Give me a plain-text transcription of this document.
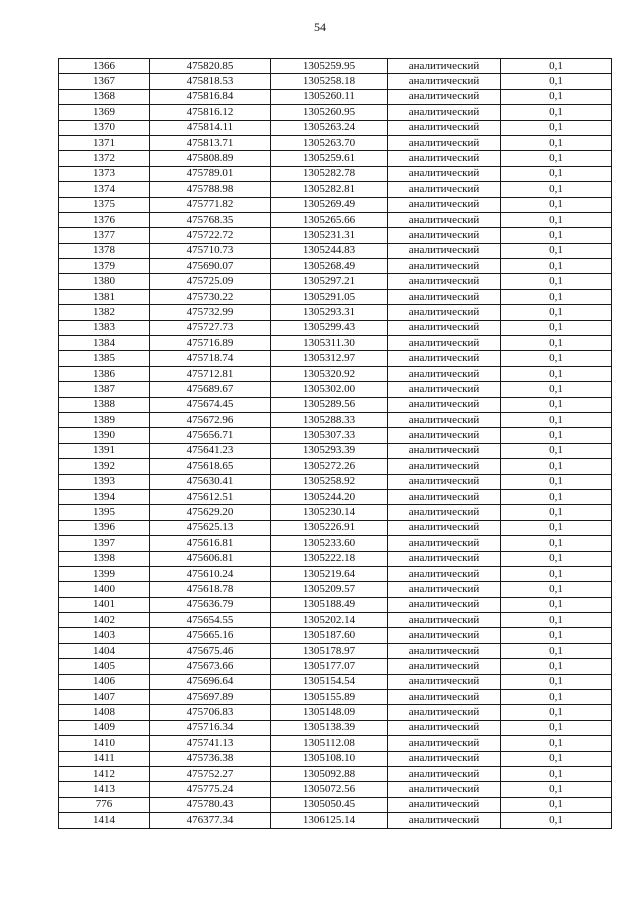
54
1366	475820.85	1305259.95	аналитический	0,1
1367	475818.53	1305258.18	аналитический	0,1
1368	475816.84	1305260.11	аналитический	0,1
1369	475816.12	1305260.95	аналитический	0,1
1370	475814.11	1305263.24	аналитический	0,1
1371	475813.71	1305263.70	аналитический	0,1
1372	475808.89	1305259.61	аналитический	0,1
1373	475789.01	1305282.78	аналитический	0,1
1374	475788.98	1305282.81	аналитический	0,1
1375	475771.82	1305269.49	аналитический	0,1
1376	475768.35	1305265.66	аналитический	0,1
1377	475722.72	1305231.31	аналитический	0,1
1378	475710.73	1305244.83	аналитический	0,1
1379	475690.07	1305268.49	аналитический	0,1
1380	475725.09	1305297.21	аналитический	0,1
1381	475730.22	1305291.05	аналитический	0,1
1382	475732.99	1305293.31	аналитический	0,1
1383	475727.73	1305299.43	аналитический	0,1
1384	475716.89	1305311.30	аналитический	0,1
1385	475718.74	1305312.97	аналитический	0,1
1386	475712.81	1305320.92	аналитический	0,1
1387	475689.67	1305302.00	аналитический	0,1
1388	475674.45	1305289.56	аналитический	0,1
1389	475672.96	1305288.33	аналитический	0,1
1390	475656.71	1305307.33	аналитический	0,1
1391	475641.23	1305293.39	аналитический	0,1
1392	475618.65	1305272.26	аналитический	0,1
1393	475630.41	1305258.92	аналитический	0,1
1394	475612.51	1305244.20	аналитический	0,1
1395	475629.20	1305230.14	аналитический	0,1
1396	475625.13	1305226.91	аналитический	0,1
1397	475616.81	1305233.60	аналитический	0,1
1398	475606.81	1305222.18	аналитический	0,1
1399	475610.24	1305219.64	аналитический	0,1
1400	475618.78	1305209.57	аналитический	0,1
1401	475636.79	1305188.49	аналитический	0,1
1402	475654.55	1305202.14	аналитический	0,1
1403	475665.16	1305187.60	аналитический	0,1
1404	475675.46	1305178.97	аналитический	0,1
1405	475673.66	1305177.07	аналитический	0,1
1406	475696.64	1305154.54	аналитический	0,1
1407	475697.89	1305155.89	аналитический	0,1
1408	475706.83	1305148.09	аналитический	0,1
1409	475716.34	1305138.39	аналитический	0,1
1410	475741.13	1305112.08	аналитический	0,1
1411	475736.38	1305108.10	аналитический	0,1
1412	475752.27	1305092.88	аналитический	0,1
1413	475775.24	1305072.56	аналитический	0,1
776	475780.43	1305050.45	аналитический	0,1
1414	476377.34	1306125.14	аналитический	0,1
